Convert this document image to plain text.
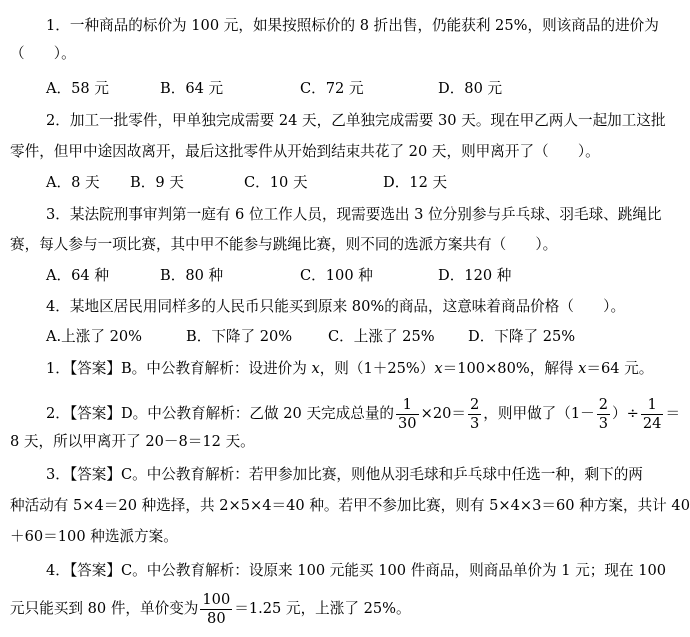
1．一种商品的标价为 100 元，如果按照标价的 8 折出售，仍能获利 25%，则该商品的进价为
（　　）。
A．58 元	B．64 元	C．72 元	D．80 元
2．加工一批零件，甲单独完成需要 24 天，乙单独完成需要 30 天。现在甲乙两人一起加工这批
零件，但甲中途因故离开，最后这批零件从开始到结束共花了 20 天，则甲离开了（　　）。
A．8 天 B．9 天	C．10 天	D．12 天
3．某法院刑事审判第一庭有 6 位工作人员，现需要选出 3 位分别参与乒乓球、羽毛球、跳绳比
赛，每人参与一项比赛，其中甲不能参与跳绳比赛，则不同的选派方案共有（　　）。
A．64 种	B．80 种	C．100 种	D．120 种
4．某地区居民用同样多的人民币只能买到原来 80%的商品，这意味着商品价格（　　）。
A.上涨了 20%	B．下降了 20% C．上涨了 25% D．下降了 25%
1．【答案】B。中公教育解析：设进价为 x，则（1＋25%）x＝100×80%，解得 x＝64 元。
2．【答案】D。中公教育解析：乙做 20 天完成总量的 $\frac{1}{30} \times 20= \frac{2}{3}$ ，则甲做了（$1- \frac{2}{3}$ ）÷ $\frac{1}{24}$ ＝
8 天，所以甲离开了 20－8＝12 天。
3．【答案】C。中公教育解析：若甲参加比赛，则他从羽毛球和乒乓球中任选一种，剩下的两
种活动有 5×4＝20 种选择，共 2×5×4＝40 种。若甲不参加比赛，则有 5×4×3＝60 种方案，共计 40
＋60＝100 种选派方案。
4．【答案】C。中公教育解析：设原来 100 元能买 100 件商品，则商品单价为 1 元；现在 100
元只能买到 80 件，单价变为 $\frac{100}{80} =1.25$ 元，上涨了 25%。
